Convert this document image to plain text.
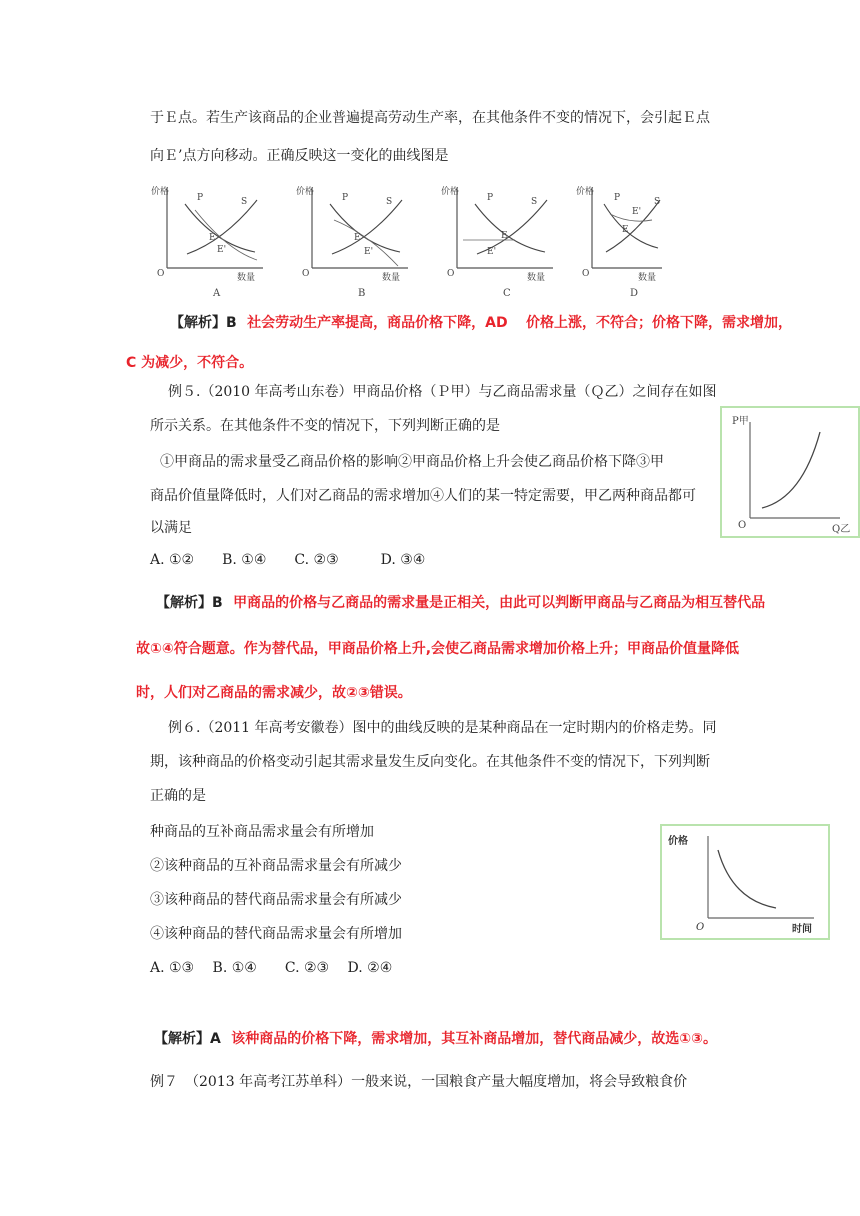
于Ｅ点。若生产该商品的企业普遍提高劳动生产率，在其他条件不变的情况下，会引起Ｅ点
向Ｅ’点方向移动。正确反映这一变化的曲线图是
价格
数量
O
P	S
E
E'
A
价格
数量
O
P	S
E
E'
B
价格
数量
O
P	S
E
E'
C
价格
数量
O
P	S
E
E'
D
【解析】B 社会劳动生产率提高，商品价格下降，AD 价格上涨，不符合；价格下降，需求增加，
C 为减少，不符合。
例５.（2010 年高考山东卷）甲商品价格（Ｐ甲）与乙商品需求量（Ｑ乙）之间存在如图
所示关系。在其他条件不变的情况下，下列判断正确的是
①甲商品的需求量受乙商品价格的影响②甲商品价格上升会使乙商品价格下降③甲
商品价值量降低时，人们对乙商品的需求增加④人们的某一特定需要，甲乙两种商品都可
以满足
A. ①②　　B. ①④　　C. ②③　　　D. ③④
P甲
Q乙
O
【解析】B 甲商品的价格与乙商品的需求量是正相关，由此可以判断甲商品与乙商品为相互替代品
故①④符合题意。作为替代品，甲商品价格上升,会使乙商品需求增加价格上升；甲商品价值量降低
时，人们对乙商品的需求减少，故②③错误。
例６.（2011 年高考安徽卷）图中的曲线反映的是某种商品在一定时期内的价格走势。同
期，该种商品的价格变动引起其需求量发生反向变化。在其他条件不变的情况下，下列判断
正确的是
种商品的互补商品需求量会有所增加
②该种商品的互补商品需求量会有所减少
③该种商品的替代商品需求量会有所减少
④该种商品的替代商品需求量会有所增加
A. ①③　 B. ①④　　C. ②③　 D. ②④
价格
时间
O
【解析】A 该种商品的价格下降，需求增加，其互补商品增加，替代商品减少，故选①③。
例７　（2013 年高考江苏单科）一般来说，一国粮食产量大幅度增加，将会导致粮食价
